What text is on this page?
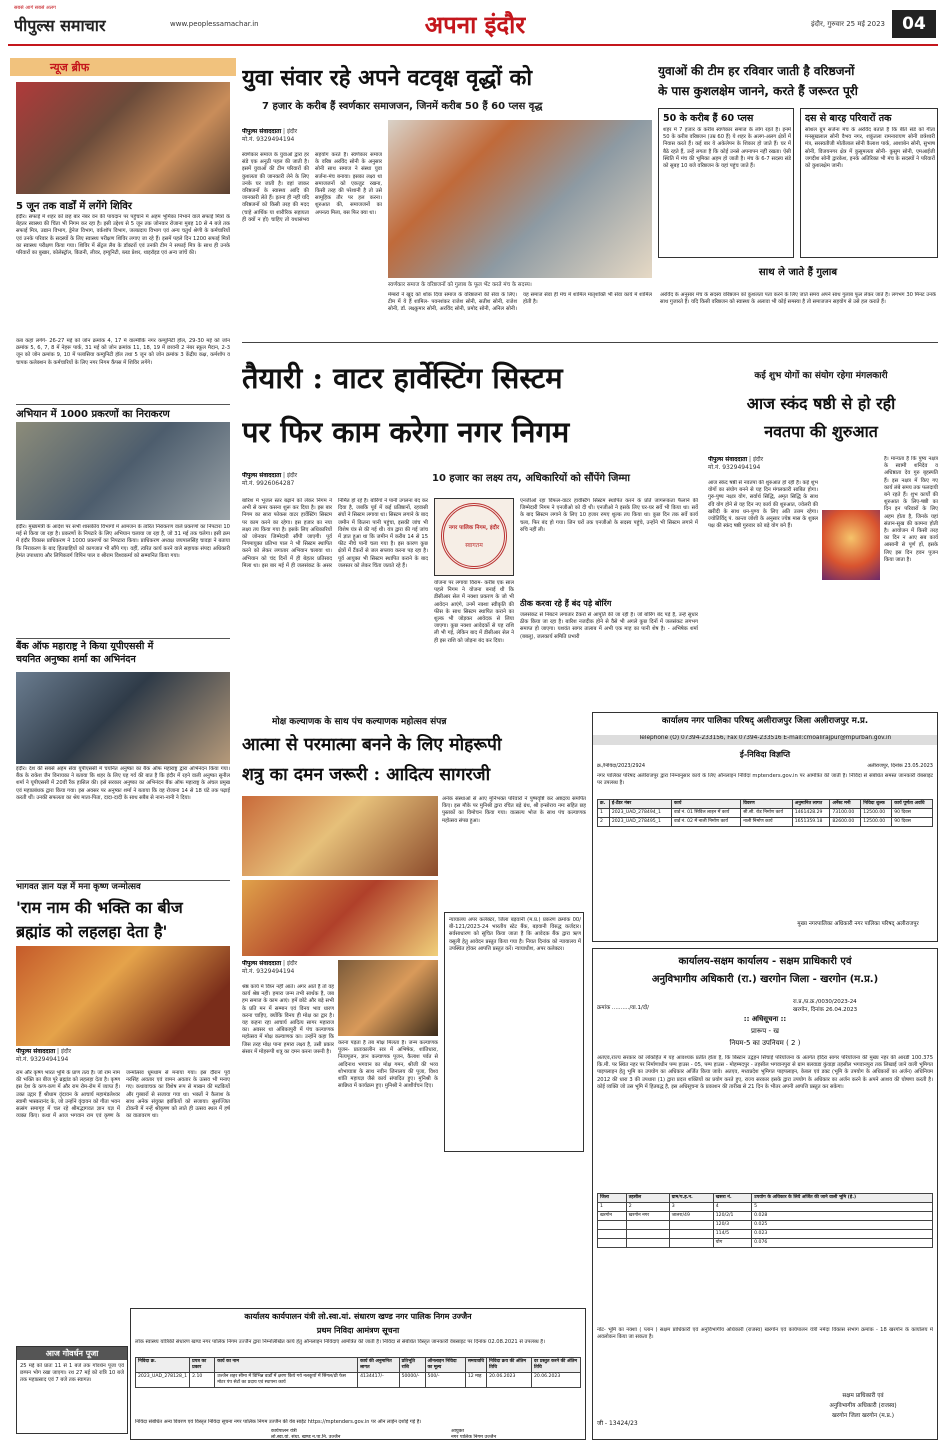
पीपुल्स समाचार
सबसे आगे सबसे अलग
www.peoplessamachar.in	अपना इंदौर	इंदौर, गुरुवार 25 मई 2023	04
न्यूज ब्रीफ
5 जून तक वार्डों में लगेंगे शिविर
इंदौर। सफाई में शहर को छह बार नंबर वन की पायदान पर पहुंचाने में अहम भूमिका निभाने वाले सफाई मित्रों के बेहतर स्वास्थ्य की चिंता भी निगम कर रहा है। इसी उद्देश्य से 5 जून तक जोनवार रोजाना मुबह 10 से 4 बजे तक सफाई मित्र, उद्यान विभाग, ड्रेनेज विभाग, वर्कशॉप विभाग, जलप्रदाय विभाग एवं अन्य चतुर्थ श्रेणी के कर्मचारियों एवं उनके परिवार के सदस्यों के लिए स्वास्थ्य परीक्षण शिविर लगाए जा रहे हैं। इसमें पहले दिन 1200 सफाई मित्रों का स्वास्थ्य परीक्षण किया गया। शिविर में सेंट्रल लैब के डॉक्टरों एवं उनकी टीम ने सफाई मित्र के साथ ही उनके परिवारों का बुखार, कोलेस्ट्रॉल, किडनी, लीवर, इम्युनिटी, ब्लड प्रेशर, थाइरॉइड एवं अन्य जांचें की।
कब कहां लगेंगे- 26-27 मई को जोन क्रमांक 4, 17 में वाल्मीकि नगर कम्युनिटी हॉल, 29-30 मई को जोन क्रमांक 5, 6, 7, 8 में नेहरू पार्क, 31 मई को जोन क्रमांक 11, 18, 19 में छावनी 2 नंबर स्कूल मैदान, 2-3 जून को जोन क्रमांक 9, 10 में पलासिया कम्युनिटी हॉल तथा 5 जून को जोन क्रमांक 3 केंद्रीय कक्ष, कर्मशॉप व चापक कलेक्शन के कर्मचारियों के लिए नगर निगम कैंपस में शिविर लगेंगे।
अभियान में 1000 प्रकरणों का निराकरण
इंदौर। मुख्यमंत्री के आदेश पर सभी शासकीय विभागों में आमजन के त्वरित निराकरण वाले प्रकरणों का निपटारा 10 मई से किया जा रहा है। प्रकरणों के निपटारे के लिए अभियान चलाया जा रहा है, जो 31 मई तक चलेगा। इसी क्रम में इंदौर विकास प्राधिकरण ने 1000 प्रकरणों का निपटारा किया। प्राधिकरण अध्यक्ष जयपालसिंह चावड़ा ने बताया कि निराकरण के बाद हितग्राहियों को कागजात भी सौंपे गए। वहीं, त्वरित कार्य करने वाले सहायक संपदा अधिकारी हेमंत उपाध्याय और लिपिकवर्ग विपिन पाल व श्रीराम विश्वकर्मा को सम्मानित किया गया।
बैंक ऑफ महाराष्ट्र ने किया यूपीएससी में
चयनित अनुष्का शर्मा का अभिनंदन
इंदौर। देश की सबसे अहम सेवा यूपीएससी में चयनित अनुष्का का बैंक ऑफ महाराष्ट्र द्वारा अभिनंदन किया गया। बैंक के राकेश जैन विनायका ने बताया कि शहर के लिए यह गर्व की बात है कि इंदौर में रहने वाली अनुष्का सुनील शर्मा ने यूपीएससी में 20वीं रैंक हासिल की। इसे सरकार अनुष्का का अभिनंदन बैंक ऑफ महाराष्ट्र के अंचल प्रमुख एवं महाप्रबंधक द्वारा किया गया। इस अवसर पर अनुष्का शर्मा ने बताया कि वह रोजाना 14 से 18 घंटे तक पढ़ाई करती थीं। उनकी सफलता का श्रेय माता-पिता, दादा-दादी के साथ सबैब से नाना-नानी ने दिया।
भागवत ज्ञान यज्ञ में मना कृष्ण जन्मोत्सव
'राम नाम की भक्ति का बीज
ब्रह्मांड को लहलहा देता है'
पीपुल्स संवाददाता | इंदौर
मो.नं. 9329494194
राम और कृष्ण भारत भूमि के प्राण तत्व हैं। जो राम नाम की भक्ति का बीज पूरे ब्रह्मांड को लहलहा देता है। कृष्ण इस देश के कण-कण में और राम रोम-रोम में व्याप्त हैं। उक्त उद्गार हैं श्रीधाम वृंदावन के आचार्य महामंडलेश्वर स्वामी भास्करानंद के, जो उन्होंने वृंदावन को गीता भवन सत्संग समागृह में चल रहे श्रीमद्भागवत ज्ञान यज्ञ में व्यक्त किए। कथा में आज भगवान राम एवं कृष्ण के जन्मोत्सव धूमधाम से मनाया गया। इस दौरान पूर्व नरसिंह अवतार एवं वामन अवतार के उत्सव भी मनाए गए। कथावाचक का विशेष रूप से माखन की मटकियों और गुब्बारों से सजाया गया था। भक्तों ने कैलाश के साथ अनेक संयुक्त झांकियों को सजाया। सुसज्जित टोकनी में नन्हें श्रीकृष्ण को लाते ही उत्सव स्थल में हर्ष का वातावरण था।
आज गोवर्धन पूजा
25 मई को प्रातः 11 से 1 बजे तक गोवर्धन पूजा एवं छप्पन भोग रखा जाएगा। रथ 27 मई को रात्रि 10 बजे तक महाप्रसाद एवं 7 बजे तक स्वागत।
युवा संवार रहे अपने वटवृक्ष वृद्धों को
7 हजार के करीब हैं स्वर्णकार समाजजन, जिनमें करीब 50 हैं 60 प्लस वृद्ध
पीपुल्स संवाददाता | इंदौर
मो.नं. 9329494194
स्वर्णकार समाज के युवाओं द्वारा हर संडे एक अनूठी पहल की जाती है। इसमें युवाओं की टीम परिवारों की कुशलता की जानकारी लेने के लिए उनके घर जाती है। वहां जाकर वरिष्ठजनों के स्वास्थ्य आदि की जानकारी लेते हैं। इतना ही नहीं यदि वरिष्ठजनों को किसी तरह की मदद (चाहे आर्थिक या शारीरिक सहायता ही क्यों न हो) चाहिए तो यथासंभव सहयोग करते हैं। स्वर्णकार समाज के वरिष्ठ अरविंद सोनी के अनुसार सोनी साथ समाज ने संस्था युवा सर्जना-मंच बनाया। इसका लक्ष्य था समाजजनों को एकजुट रखना, किसी तरह की परेशानी है तो उसे सामूहिक तौर पर हल करना। शुरुआत की, समाजजनों का अपनत्व मिला, बस फिर क्या था।
स्वर्णकार समाज के वरिष्ठजनों को गुलाब के फूल भेंट करते मंच के सदस्य।
मेम्बरों ने खुद को शोक दिया समाज के वरिष्ठजनों की सेवा के लिए। टीम में ये हैं शामिल- पवनशंकर राजेश सोनी, सतीश सोनी, राजेश सोनी, डॉ. लक्ष्कुमार सोनी, अरविंद सोनी, प्रमोद सोनी, अनिल सोनी। यह समाज सेवा ही मंच में शामिल मातृशक्ति भी सेवा कार्य में शामिल होती है।
युवाओं की टीम हर रविवार जाती है वरिष्ठजनों
के पास कुशलक्षेम जानने, करते हैं जरूरत पूरी
50 के करीब हैं 60 प्लस
शहर में 7 हजार के करीब स्वर्णकार समाज के लोग रहते हैं। इनमें 50 के करीब वरिष्ठजन (उम्र 60 हैं) ये शहर के अलग-अलग क्षेत्रों में निवास करते हैं। कई बार ये अकेलेपन के शिकार हो जाते हैं। घर में बैठे रहते हैं, उन्हें लगता है कि कोई उनसे अपनापन नहीं रखता। ऐसी स्थिति में मंच की भूमिका अहम हो जाती है। मंच के 6-7 सदस्य संडे को सुबह 10 बजे वरिष्ठजन के यहां पहुंच जाते हैं।
दस से बारह परिवारों तक
सोशल ग्रुप सर्जना मंच के अरविंद बताते हैं कि बीते संडे को गीता मनसुखलाल सोनी वैभव नगर, शकुंतला रामनारायण सोनी छत्रेश्वरी मंत्र, सरस्वतीजी मोतीलाल सोनी कैलाश पार्क, आशाबेन सोनी, सुभाष सोनी, विजयनगर क्षेत्र में कुसुमलता सोनी- कुसुम सोनी, एमआईजी जगदीश सोनी द्वारकेश, इनके अतिरिक्त भी मंच के सदस्यों ने परिवारों को कुशलक्षेम जानी।
साथ ले जाते हैं गुलाब
अरविंद के अनुसार मंच के सदस्य वरिष्ठजन को कुशलता पता करने के लिए जाते समय अपने साथ गुलाब फूल लेकर जाते हैं। लगभग 30 मिनट उनके साथ गुजारते हैं। यदि किसी वरिष्ठजन को स्वास्थ्य के अलावा भी कोई समस्या है तो समाजजन सहयोग से उसे हल कराते हैं।
तैयारी : वाटर हार्वेस्टिंग सिस्टम
पर फिर काम करेगा नगर निगम
10 हजार का लक्ष्य तय, अधिकारियों को सौंपेंगे जिम्मा
पीपुल्स संवाददाता | इंदौर
मो.नं. 9926064287
बारिश में भूजल स्तर बढ़ाने को लेकर निगम ने अभी से कमर कसना शुरू कर दिया है। इस बार निगम का सारा फोकस वाटर हार्वेस्टिंग सिस्टम पर काम करने का रहेगा। इस हजार का नया लक्ष्य तय किया गया है। इसके लिए अधिकारियों को जोनवार जिम्मेदारी सौंपी जाएगी। पूर्व निगमायुक्त प्रतिभा पाल ने भी सिस्टम स्थापित करने को लेकर लगातार अभियान चलाया था। अभियान को चंद दिनों में ही बेहतर प्रतिसाद मिला था। इस बार मई में ही जलसंकट के असर निर्मित हो रहे हैं। बोरिंगों ने पानी उगलना बंद कर दिया है, जबकि पूर्व में कई प्रतिष्ठानों, रहवासी संघों ने सिस्टम लगाया था। सिस्टम लगाने के बाद जमीन में कितना पानी पहुंचा, इसकी जांच भी विशेष यंत्र से की गई थी। यंत्र द्वारा की गई जांच में ज्ञात हुआ था कि जमीन में करीब 14 से 15 फीट नीचे पानी चला गया है। इस कारण कुछ क्षेत्रों में टैंकरों से जल सप्लाय करना पड़ रहा है। पूर्व आयुक्त भी सिस्टम स्थापित कराने के बाद जलस्तर को लेकर चिंता जताते रहे हैं।
नगर पालिक निगम, इंदौर
स्वागतम
योजना पर लगाया विराम- करीब एक साल पहले निगम ने योजना बनाई थी कि डीसीआर सेल में नक्शा प्रकरण के जो भी आवेदन आएंगे, उनमें नक्शा स्वीकृति की फीस के साथ सिस्टम स्थापित कराने का शुल्क भी जोड़कर आवेदक से लिया जाएगा। कुछ नक्शा आवेदकों से यह राशि ली भी गई, लेकिन बाद में डीसीआर सेल ने ही इस राशि को जोड़ना बंद कर दिया।
एनजीओ रहा विफल-वाटर हार्वेस्टिंग सिस्टम स्थापित करने के प्रति जागरूकता फैलाने की जिम्मेदारी निगम ने एनजीओ को दी थी। एनजीओ ने इसके लिए घर-घर सर्वे भी किया था। सर्वे के बाद सिस्टम लगाने के लिए 10 हजार रुपए शुल्क तय किया था। कुछ दिन तक सर्वे कार्य चला, फिर बंद हो गया। जिन घरों तक एनजीओ के सदस्य पहुंचे, उन्होंने भी सिस्टम लगाने में रुचि नहीं ली।
ठीक करवा रहे हैं बंद पड़े बोरिंग
जलसंकट से निबटने लगातार टैंकरों से आपूर्ति की जा रही है। जो बोरिंग बंद पड़े हैं, उन्हें सुधार ठीक किया जा रहा है। बारिश नजदीक होने से वैसे भी अगले कुछ दिनों में जलसंकट लगभग समाप्त हो जाएगा। यशवंत सागर तालाब में अभी एक माह का पानी शेष है। - अभिषेक शर्मा (बबलू), जलकार्य समिति प्रभारी
कई शुभ योगों का संयोग रहेगा मंगलकारी
आज स्कंद षष्ठी से हो रही
नवतपा की शुरुआत
पीपुल्स संवाददाता | इंदौर
मो.नं. 9329494194
आज स्कंद षष्ठी से नवतपा की शुरुआत हो रही है। कई शुभ योगों का संयोग बनने से यह दिन मंगलकारी साबित होगा। गुरु-पुष्य नक्षत्र योग, सर्वार्थ सिद्धि, अमृत सिद्धि के साथ रवि योग होने से यह दिन नए कार्य की शुरुआत, ज्वेलरी की खरीदी के साथ धन-पुण्य के लिए अति उत्तम रहेगा। ज्योतिर्विद् पं. कान्ता जोशी के अनुसार ज्येष्ठ मास के शुक्ल पक्ष की स्कंद षष्ठी गुरुवार को बड़े योग बने हैं।
है। मान्यता है कि पुष्य नक्षत्र के स्वामी शनिदेव व अधिष्ठाता देव गुरु बृहस्पति हैं। इस नक्षत्र में किए गए कार्य लंबे समय तक फलदायी बने रहते हैं। शुभ कार्यों की शुरुआत के लिए-षष्ठी का दिन इन परिवारों के लिए अहम होता है, जिनके यहां संतान-सुख की कामना होती है। आयोजन में किसी तरह का दिन न आए सब कार्य आसानी से पूर्ण हों, इसके लिए इस दिन हवन पूजन किया जाता है।
कार्यालय नगर पालिका परिषद् अलीराजपुर जिला अलीराजपुर म.प्र.
Telephone (O) 07394-233156, Fax 07394-233516 E-mail:cmoalirajpur@mpurban.gov.in
ई-निविदा विज्ञप्ति
क्र./निविदा/2023/2924	अलीराजपुर, दिनांक 23.05.2023
नगर पालिका परिषद अलीराजपुर द्वारा निम्नानुसार कार्य के लिए ऑनलाइन निविदा mptenders.gov.in पर आमंत्रित की जाती है। निविदा से संबंधित समस्त जानकारी वेबसाइट पर उपलब्ध है।
क्र.	ई-टेंडर नंबर	कार्य	विवरण	अनुमानित लागत	अर्नेस्ट मनी	निविदा शुल्क	कार्य पूर्णता अवधि
1	2023_UAD_278494_1	वार्ड नं. 01 सिविल लाइन में कार्य	सी.सी. रोड निर्माण कार्य	1461428.29	73100.00	12500.00	90 दिवस
2	2023_UAD_278495_1	वार्ड नं. 02 में नाली निर्माण कार्य	नाली निर्माण कार्य	1651359.18	82600.00	12500.00	90 दिवस
मुख्य नगरपालिका अधिकारी नगर पालिका परिषद् अलीराजपुर
मोक्ष कल्याणक के साथ पंच कल्याणक महोत्सव संपन्न
आत्मा से परमात्मा बनने के लिए मोहरूपी
शत्रु का दमन जरूरी : आदित्य सागरजी
अनेक संस्थाओं से आए मुनिभक्त परिवारों ने पुष्पवृष्टि कर अष्टद्रव्य समर्पित किए। इस मौके पर मुनिश्री द्वारा रचित बड़े ग्रंथ, श्री इन्सोराय नमः सहित छह पुस्तकों का विमोचन किया गया। वात्सल्य भोज के साथ पंच कल्याणक महोत्सव संपन्न हुआ।
पीपुल्स संवाददाता | इंदौर
मो.नं. 9329494194
श्रेष्ठ कार्य में विघ्न नहीं आते। अगर आते हैं तो वह कार्य श्रेष्ठ नहीं। हमारा जन्म तभी सार्थक है, जब हम समाज के काम आएं। हमें छोटे और बड़े सभी के प्रति मन में सम्मान एवं विनय भाव धारण करना चाहिए, क्योंकि विनय ही मोक्ष का द्वार है। यह कहना रहा आचार्य आदित्य सागर महाराज का। अवसर था अंबिकापुरी में पंच कल्याणक महोत्सव में मोक्ष कल्याणक का। उन्होंने कहा कि जिस तरह मोक्ष पाना हमारा लक्ष्य है, उसी प्रकार संसार में मोहरूपी शत्रु का दमन करना जरूरी है।
करना पड़ता है तब मोक्ष मिलता है। जन्म कल्याणक पूजन- प्रातःकालीन सत्र में अभिषेक, शांतिधारा, नित्यपूजन, ज्ञान कल्याणक पूजन, कैलाश पर्वत से आदिनाथ भगवान का मोक्ष गमन, श्रीजी की भव्य शोभायात्रा के साथ नवीन जिनालय की पूजा, विश्व शांति महायज्ञ जैसे कार्य संपादित हुए। मुनिश्री के सान्निध्य में कार्यक्रम हुए। मुनिश्री ने आशीर्वचन दिए।
न्यायालय अपर कलेक्टर, जिला बड़वानी (म.प्र.) प्रकरण क्रमांक 00/बी-121/2023-24 भारतीय स्टेट बैंक, बड़वानी विरुद्ध कर्जदार। सर्वसाधारण को सूचित किया जाता है कि आवेदक बैंक द्वारा ऋण वसूली हेतु आवेदन प्रस्तुत किया गया है। नियत दिनांक को न्यायालय में उपस्थित होकर आपत्ति प्रस्तुत करें। न्यायाधीश, अपर कलेक्टर।
कार्यालय-सक्षम कार्यालय - सक्षम प्राधिकारी एवं
अनुविभागीय अधिकारी (रा.) खरगोन जिला - खरगोन (म.प्र.)
क्रमांक ........../वा.1/दो/
रा.प्र./प्र.क्र./0030/2023-24
खरगोन, दिनांक 26.04.2023
:: अधिसूचना ::
प्रारूप - ख
नियम-5 का उपनियम ( 2 )
अतएव,राज्य सरकार को लोकहित में यह आवश्यक प्रतीत होता है, कि बिस्टान उद्वहन सिंचाई परियोजना के अंतर्गत इंदिरा सागर परियोजना की मुख्य नहर की आरडी 100.375 कि.मी. पर स्थित नहर पर निर्माणाधीन पम्प हाउस - 05, पम्प हाउस - मोहम्मदपुर - तहसील भगवानपुरा से ग्राम बलवाडा कुंवाड़ा तहसील भगवानपुरा तक लिखाई जाने वाली भूमिगत पाइपलाइन हेतु भूमि का उपयोग का अधिकार अर्जित किया जावे। अतएव, मध्यप्रदेश भूमिगत पाइपलाइन, केबल एवं डक्ट (भूमि के उपयोग के अधिकारों का अर्जन) अधिनियम 2012 की धारा 3 की उपधारा (1) द्वारा प्रदत्त शक्तियों का प्रयोग करते हुए, राज्य सरकार इसके द्वारा उपयोग के अधिकार का अर्जन करने के अपने आशय की घोषणा करती है। कोई व्यक्ति जो उस भूमि में हितबद्ध है, इस अधिसूचना के प्रकाशन की तारीख से 21 दिन के भीतर अपनी आपत्ति प्रस्तुत कर सकेगा।
जिला	तहसील	ग्राम/प.ह.न.	खसरा नं.	उपयोग के अधिकार के लिये अर्जित की जाने वाली भूमि (हे.)
1	2	3	4	5
खरगोन	खरगोन नगर	जालरा/49	120/2/1	0.028
			120/3	0.025
			114/5	0.023
			योग	0.076
नोट- भूमि का नक्शा ( प्लान ) सक्षम प्राधिकारी एवं अनुविभागीय अधिकारी (राजस्व) खरगोन एवं कार्यपालन यंत्री नर्मदा विकास संभाग क्रमांक - 18 खरगोन के कार्यालय में अवलोकन किया जा सकता है।
जी - 13424/23
सक्षम प्राधिकारी एवं
अनुविभागीय अधिकारी (राजस्व)
खरगोन जिला खरगोन (म.प्र.)
कार्यालय कार्यपालन यंत्री लो.स्वा.यां. संधारण खण्ड नगर पालिक निगम उज्जैन
प्रथम निविदा आमंत्रण सूचना
लोक स्वास्थ्य यांत्रिकी संधारण खण्ड नगर पालिक निगम उज्जैन द्वारा निम्नलिखित कार्य हेतु ऑनलाइन निविदाएं आमंत्रित की जाती हैं। निविदा से संबंधित विस्तृत जानकारी वेबसाइट पर दिनांक 02.08.2021 से उपलब्ध है।
निविदा क्र.	प्रपत्र का प्रकार	कार्य का नाम	कार्य की अनुमानित लागत	प्रतिभूति राशि	ऑनलाइन निविदा का मूल्य	समयावधि	निविदा क्रय की अंतिम तिथि	दर प्रस्तुत करने की अंतिम तिथि
2023_UAD_278128_1	2.10	उज्जैन शहर सीमा में विभिन्न वार्डों में क्षरण किये गये नलकूपों में सिंगल/थ्री फेस मोटर पंप सेटों का प्रदाय एवं स्थापना कार्य	4134417/-	50000/-	500/-	12 माह	20.06.2023	20.06.2023
निविदा संबंधित अन्य विवरण एवं विस्तृत निविदा सूचना नगर पालिक निगम उज्जैन की वेब साईट https://mptenders.gov.in पर ऑन लाईन दर्शाई गई है।
कार्यपालन यंत्री
लो.स्वा.यां. संधा. खण्ड न.पा.नि. उज्जैन
आयुक्त
नगर पालिक निगम उज्जैन
